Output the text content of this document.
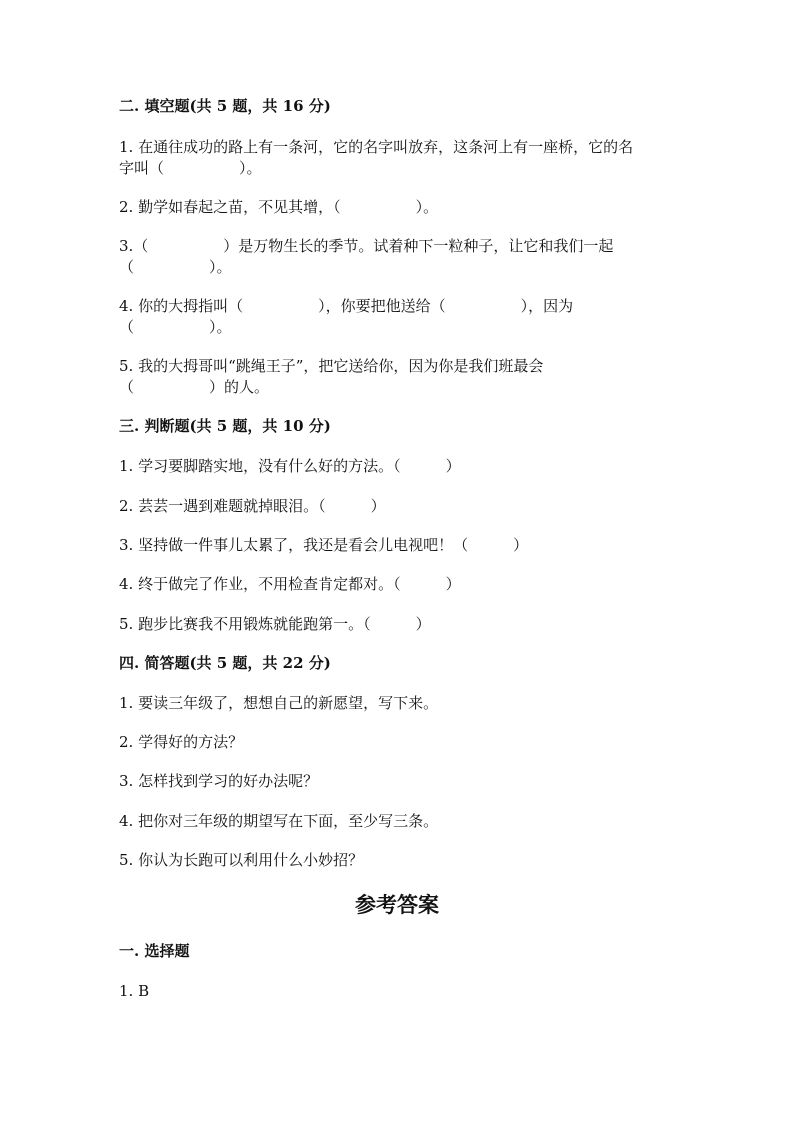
二. 填空题(共 5 题，共 16 分)
1. 在通往成功的路上有一条河，它的名字叫放弃，这条河上有一座桥，它的名
字叫（　　　　　）。
2. 勤学如春起之苗，不见其增，（　　　　　）。
3.（　　　　　）是万物生长的季节。试着种下一粒种子，让它和我们一起
（　　　　　）。
4. 你的大拇指叫（　　　　　），你要把他送给（　　　　　），因为
（　　　　　）。
5. 我的大拇哥叫“跳绳王子”，把它送给你，因为你是我们班最会
（　　　　　）的人。
三. 判断题(共 5 题，共 10 分)
1. 学习要脚踏实地，没有什么好的方法。（　　　）
2. 芸芸一遇到难题就掉眼泪。（　　　）
3. 坚持做一件事儿太累了，我还是看会儿电视吧！（　　　）
4. 终于做完了作业，不用检查肯定都对。（　　　）
5. 跑步比赛我不用锻炼就能跑第一。（　　　）
四. 简答题(共 5 题，共 22 分)
1. 要读三年级了，想想自己的新愿望，写下来。
2. 学得好的方法？
3. 怎样找到学习的好办法呢？
4. 把你对三年级的期望写在下面，至少写三条。
5. 你认为长跑可以利用什么小妙招？
参考答案
一. 选择题
1. B
